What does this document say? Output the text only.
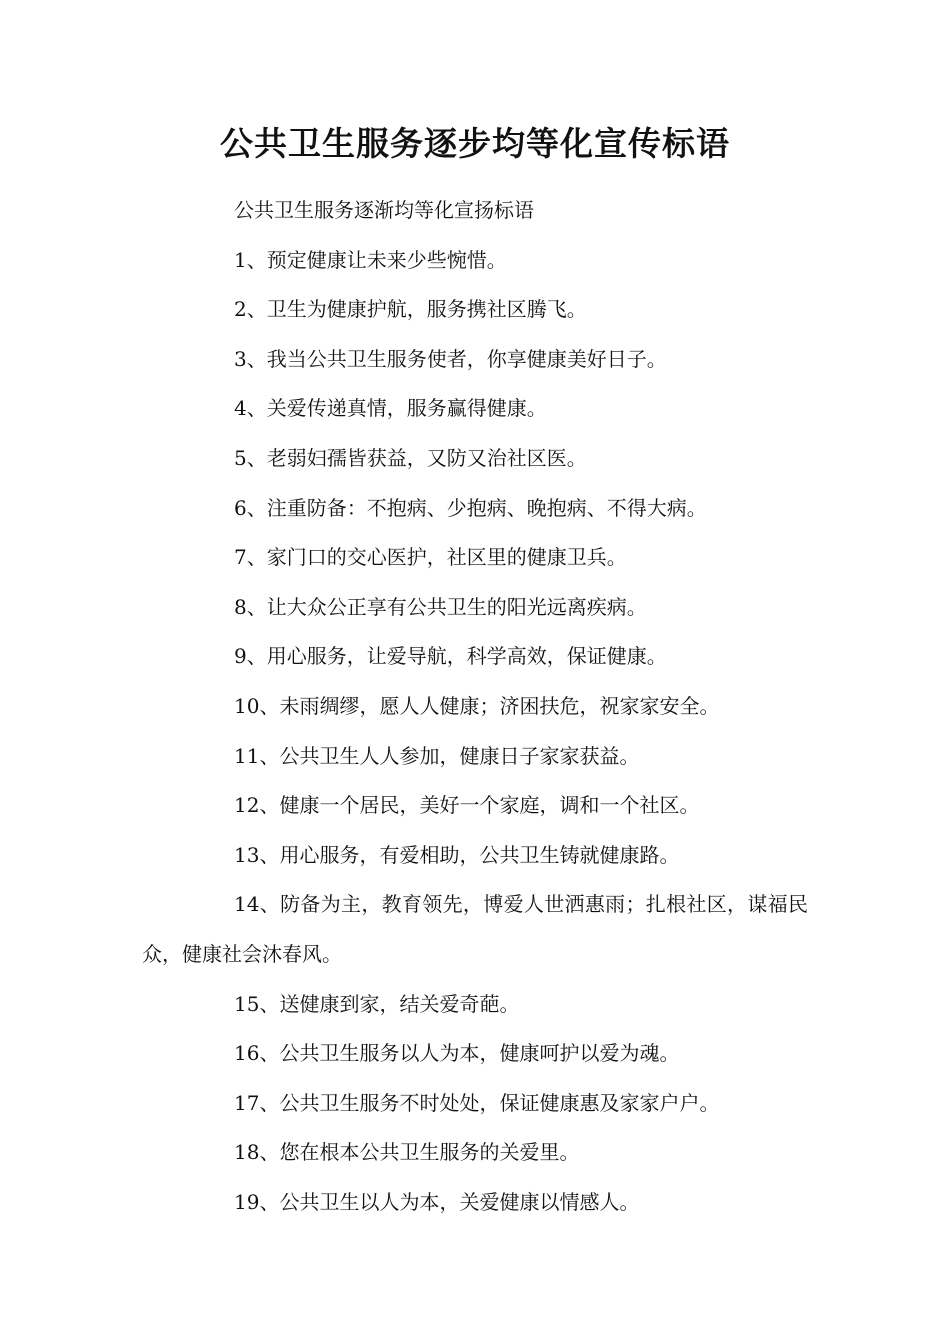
公共卫生服务逐步均等化宣传标语

公共卫生服务逐渐均等化宣扬标语

1、预定健康让未来少些惋惜。

2、卫生为健康护航，服务携社区腾飞。

3、我当公共卫生服务使者，你享健康美好日子。

4、关爱传递真情，服务赢得健康。

5、老弱妇孺皆获益，又防又治社区医。

6、注重防备：不抱病、少抱病、晚抱病、不得大病。

7、家门口的交心医护，社区里的健康卫兵。

8、让大众公正享有公共卫生的阳光远离疾病。

9、用心服务，让爱导航，科学高效，保证健康。

10、未雨绸缪，愿人人健康；济困扶危，祝家家安全。

11、公共卫生人人参加，健康日子家家获益。

12、健康一个居民，美好一个家庭，调和一个社区。

13、用心服务，有爱相助，公共卫生铸就健康路。

14、防备为主，教育领先，博爱人世洒惠雨；扎根社区，谋福民众，健康社会沐春风。

15、送健康到家，结关爱奇葩。

16、公共卫生服务以人为本，健康呵护以爱为魂。

17、公共卫生服务不时处处，保证健康惠及家家户户。

18、您在根本公共卫生服务的关爱里。

19、公共卫生以人为本，关爱健康以情感人。
